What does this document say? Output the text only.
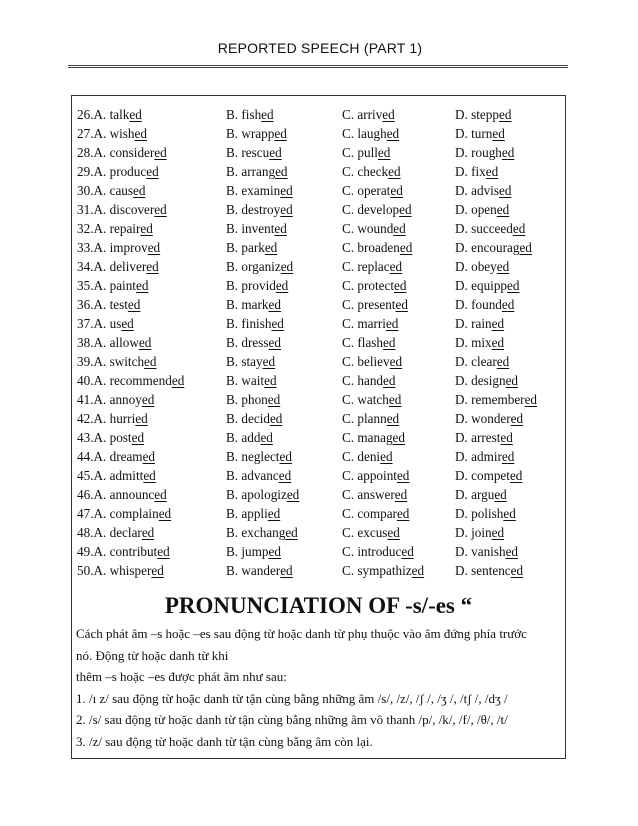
REPORTED SPEECH (PART 1)
26.A. talked	B. fished	C. arrived	D. stepped
27.A. wished	B. wrapped	C. laughed	D. turned
28.A. considered	B. rescued	C. pulled	D. roughed
29.A. produced	B. arranged	C. checked	D. fixed
30.A. caused	B. examined	C. operated	D. advised
31.A. discovered	B. destroyed	C. developed	D. opened
32.A. repaired	B. invented	C. wounded	D. succeeded
33.A. improved	B. parked	C. broadened	D. encouraged
34.A. delivered	B. organized	C. replaced	D. obeyed
35.A. painted	B. provided	C. protected	D. equipped
36.A. tested	B. marked	C. presented	D. founded
37.A. used	B. finished	C. married	D. rained
38.A. allowed	B. dressed	C. flashed	D. mixed
39.A. switched	B. stayed	C. believed	D. cleared
40.A. recommended	B. waited	C. handed	D. designed
41.A. annoyed	B. phoned	C. watched	D. remembered
42.A. hurried	B. decided	C. planned	D. wondered
43.A. posted	B. added	C. managed	D. arrested
44.A. dreamed	B. neglected	C. denied	D. admired
45.A. admitted	B. advanced	C. appointed	D. competed
46.A. announced	B. apologized	C. answered	D. argued
47.A. complained	B. applied	C. compared	D. polished
48.A. declared	B. exchanged	C. excused	D. joined
49.A. contributed	B. jumped	C. introduced	D. vanished
50.A. whispered	B. wandered	C. sympathized D. sentenced
PRONUNCIATION OF -s/-es “

Cách phát âm –s hoặc –es sau động từ hoặc danh từ phụ thuộc vào âm đứng phía trước

nó. Động từ hoặc danh từ khi

thêm –s hoặc –es được phát âm như sau:

1. /ı z/ sau động từ hoặc danh từ tận cùng bằng những âm /s/, /z/, /ʃ /, /ʒ /, /tʃ /, /dʒ /

2. /s/ sau động từ hoặc danh từ tận cùng bằng những âm vô thanh /p/, /k/, /f/, /θ/, /t/

3. /z/ sau động từ hoặc danh từ tận cùng bằng âm còn lại.
